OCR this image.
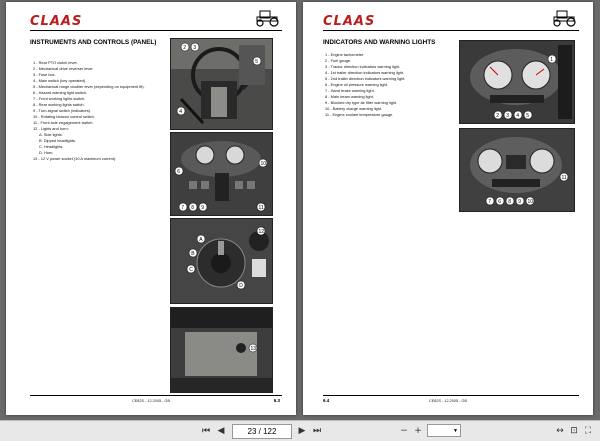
CLAAS
INSTRUMENTS AND CONTROLS (PANEL)
1 - Rear PTO clutch lever.
2 - Mechanical drive reverser lever.
3 - Fuse box.
4 - Main switch (key operated).
5 - Mechanical range doubler lever (depending on equipment fit).
6 - Hazard warning light switch.
7 - Front working lights switch.
8 - Rear working lights switch.
9 - Turn-signal switch (indicators).
10 - Rotating beacon control switch.
11 - Front axle engagement switch.
12 - Lights and horn:
A. Side lights.
B. Dipped headlights.
C. Headlights.
D. Horn.
13 - 12 V power socket (10 A maximum current).
2 3
5
4
6
10
7 8 9	11
A
B
C
D
12
13
CE82S - 12.2005 - GB	6.3
CLAAS
INDICATORS AND WARNING LIGHTS
1 - Engine tachometer.
2 - Fuel gauge.
3 - Tractor direction indicators warning light.
4 - 1st trailer direction indicators warning light.
5 - 2nd trailer direction indicators warning light.
6 - Engine oil pressure warning light.
7 - Hand brake warning light.
8 - Main beam warning light.
9 - Blocked dry type air filter warning light.
10 - Battery charge warning light.
11 - Engine coolant temperature gauge.	2 3 4 5
1
7 6 8 9 10
11
CE82S - 12.2005 - GB
6.4
⏮ ◀	23 / 122	▶ ⏭	− +	▼	↔ ⊡ ⛶
